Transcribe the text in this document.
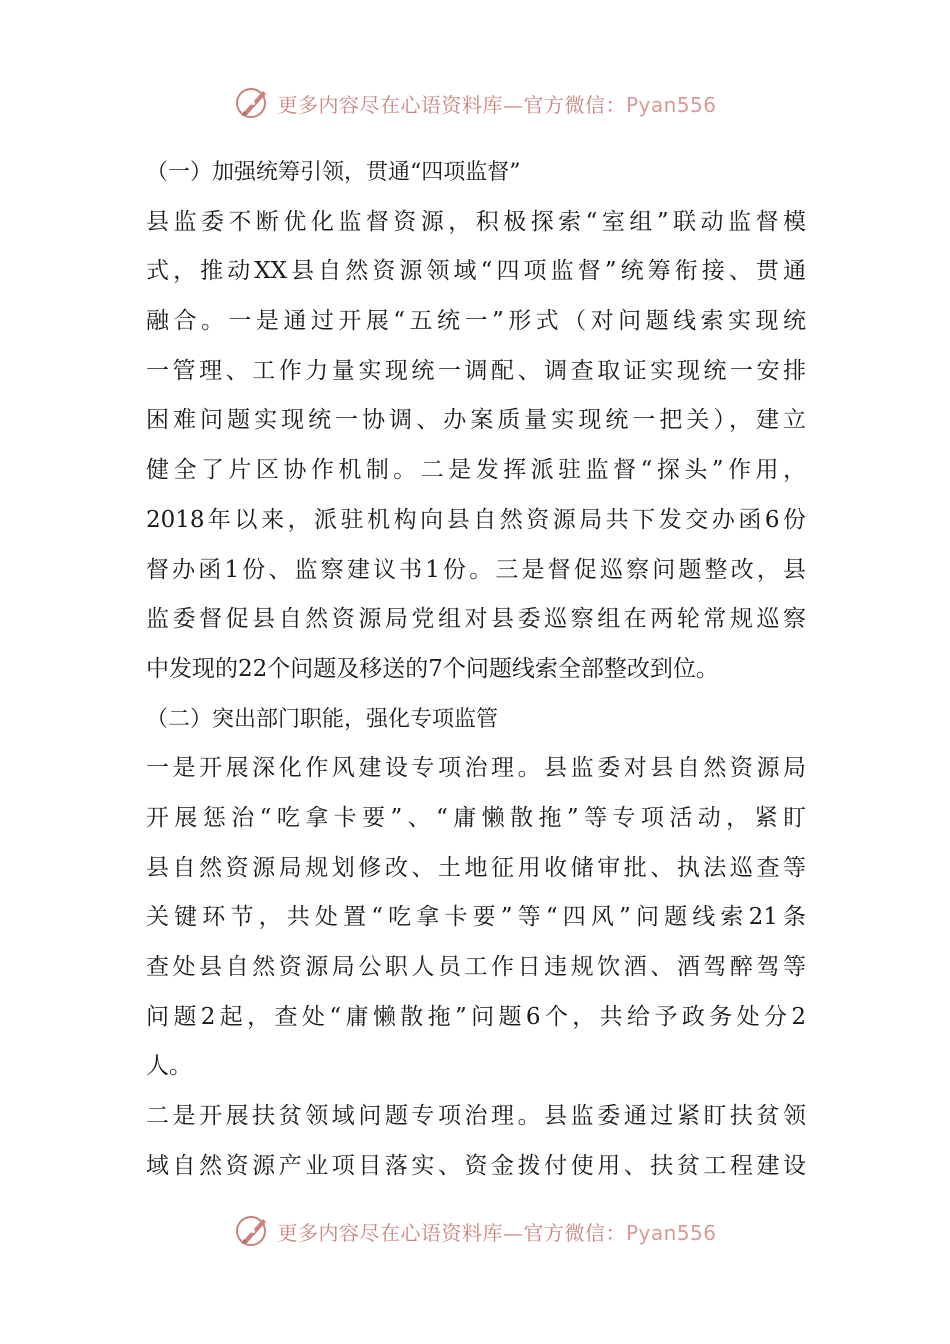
更多内容尽在心语资料库—官方微信：Pyan556
（一）加强统筹引领，贯通“四项监督”
县监委不断优化监督资源，积极探索“室组”联动监督模
式，推动XX县自然资源领域“四项监督”统筹衔接、贯通
融合。一是通过开展“五统一”形式（对问题线索实现统
一管理、工作力量实现统一调配、调查取证实现统一安排
困难问题实现统一协调、办案质量实现统一把关），建立
健全了片区协作机制。二是发挥派驻监督“探头”作用，
2018年以来，派驻机构向县自然资源局共下发交办函6份
督办函1份、监察建议书1份。三是督促巡察问题整改，县
监委督促县自然资源局党组对县委巡察组在两轮常规巡察
中发现的22个问题及移送的7个问题线索全部整改到位。
（二）突出部门职能，强化专项监管
一是开展深化作风建设专项治理。县监委对县自然资源局
开展惩治“吃拿卡要”、“庸懒散拖”等专项活动，紧盯
县自然资源局规划修改、土地征用收储审批、执法巡查等
关键环节，共处置“吃拿卡要”等“四风”问题线索21条
查处县自然资源局公职人员工作日违规饮酒、酒驾醉驾等
问题2起，查处“庸懒散拖”问题6个，共给予政务处分2
人。
二是开展扶贫领域问题专项治理。县监委通过紧盯扶贫领
域自然资源产业项目落实、资金拨付使用、扶贫工程建设
更多内容尽在心语资料库—官方微信：Pyan556
